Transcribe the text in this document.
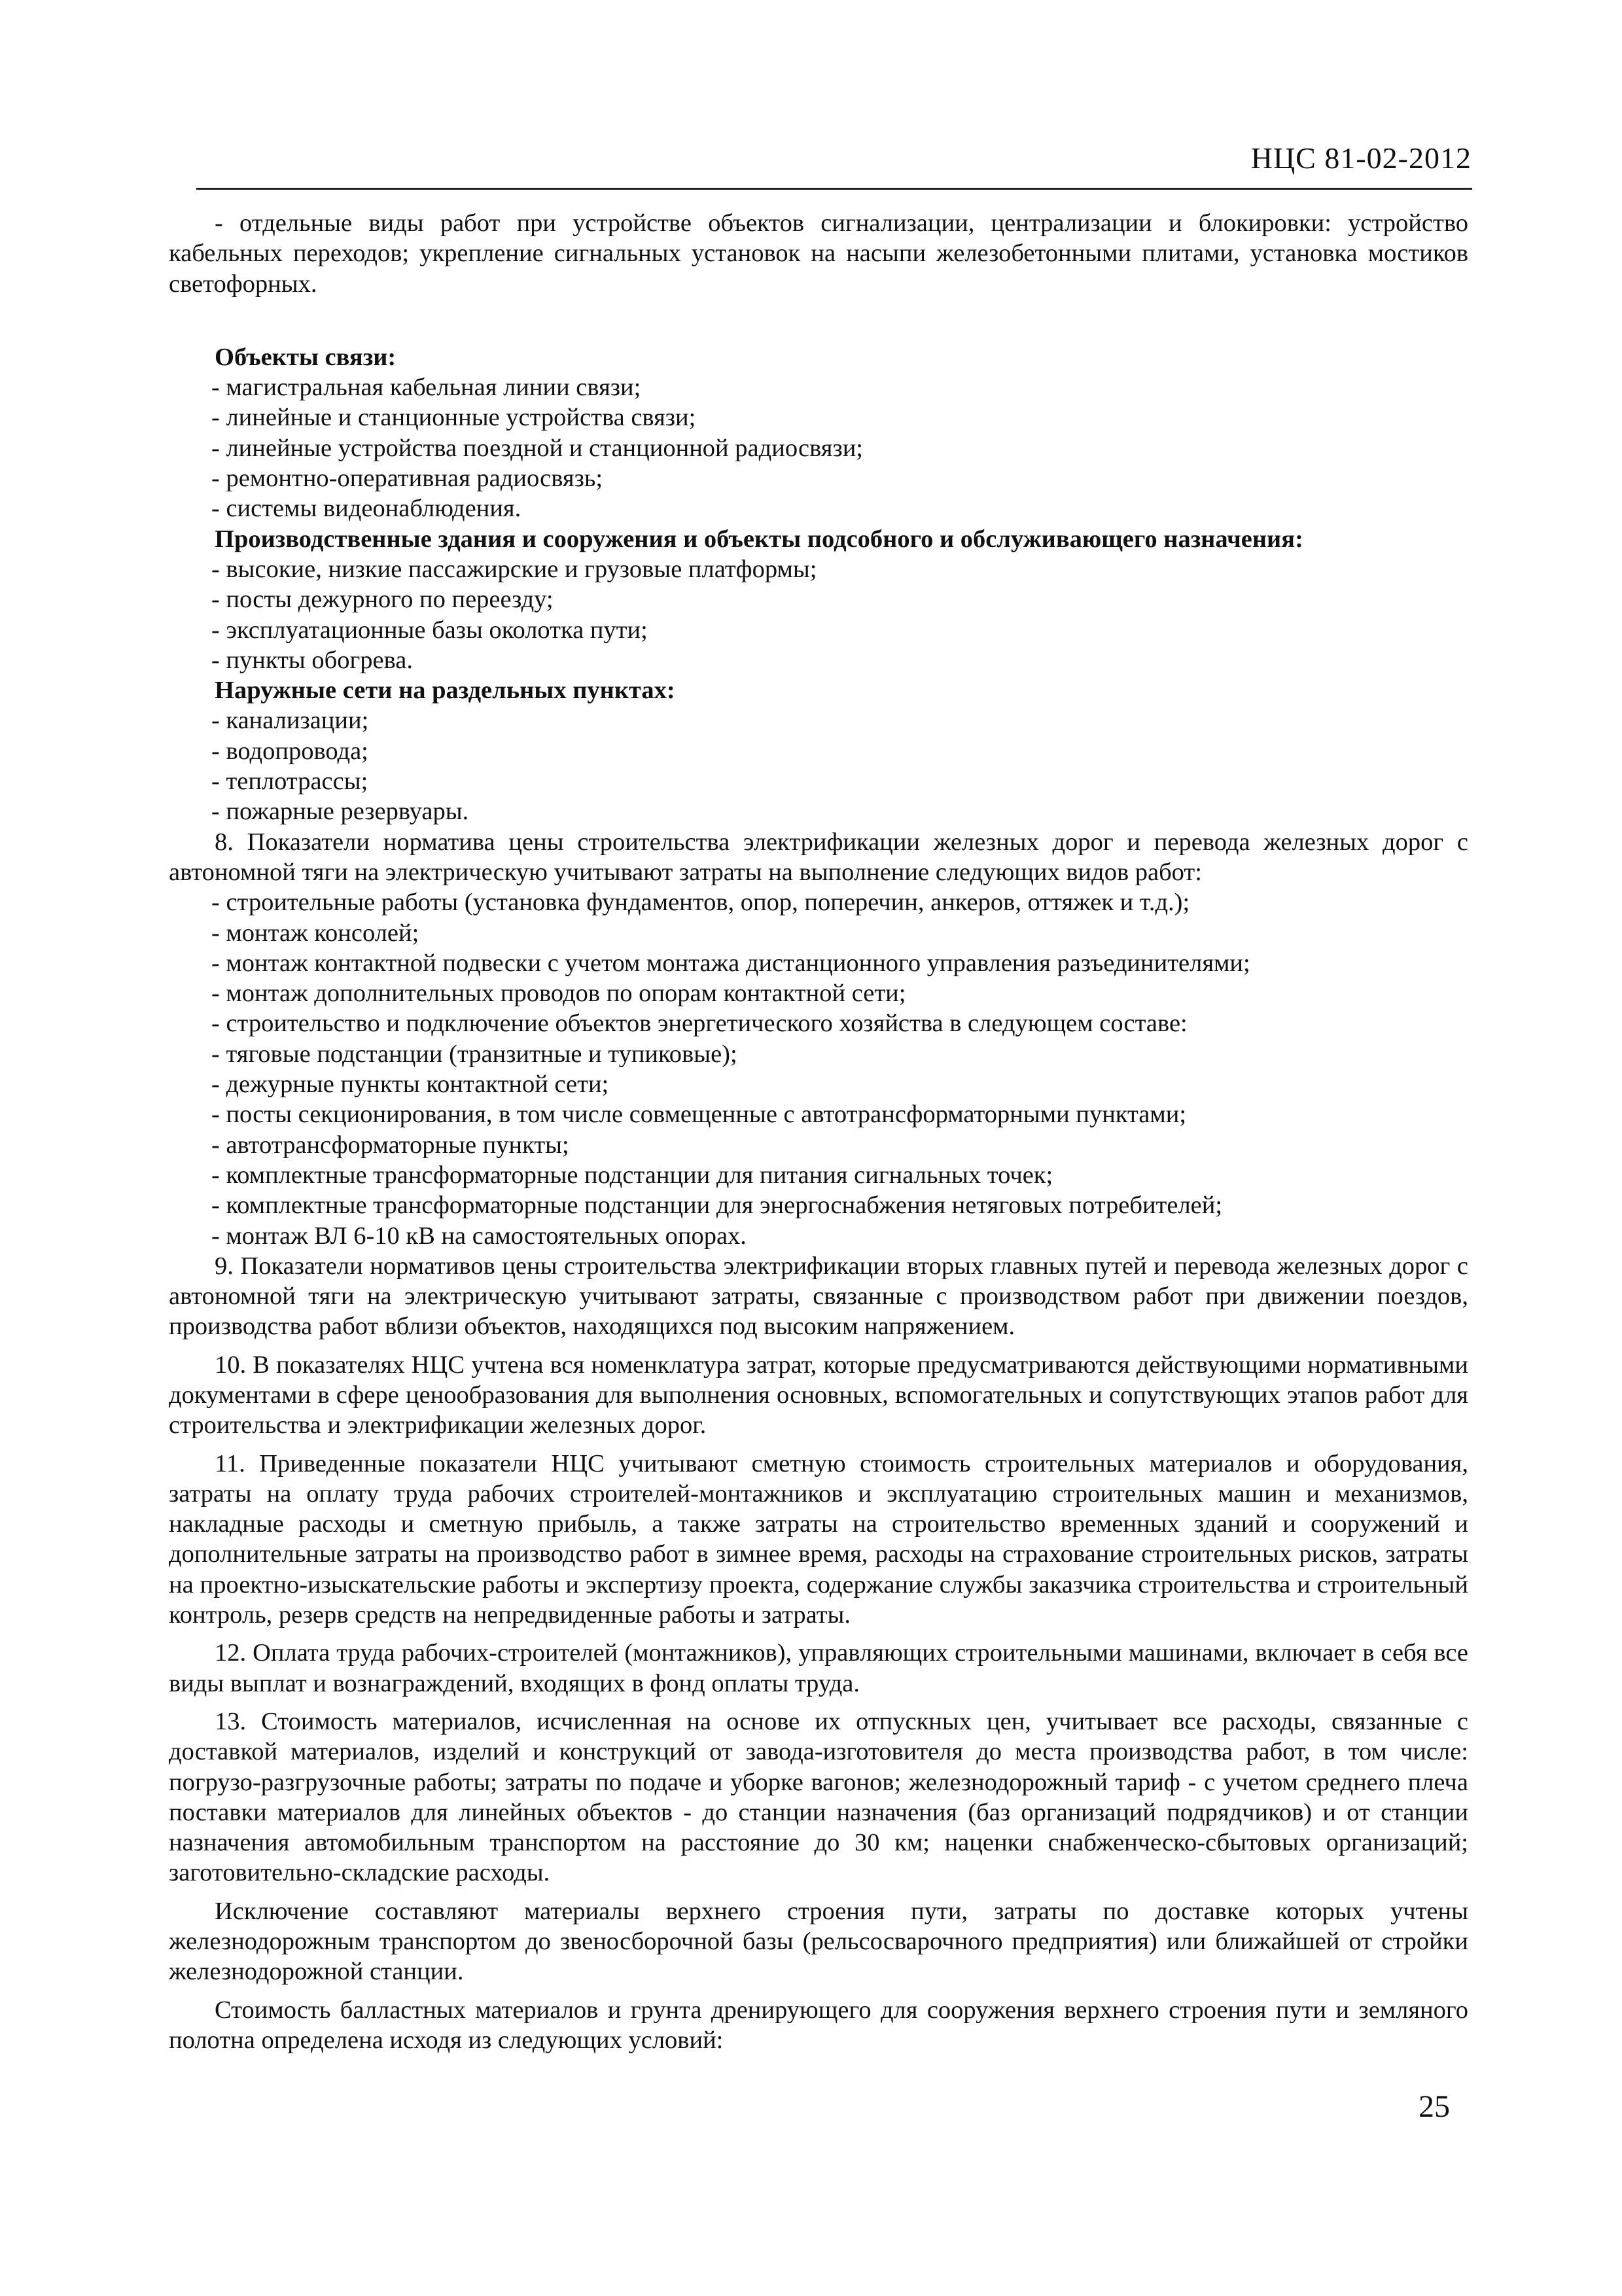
НЦС 81-02-2012

- отдельные виды работ при устройстве объектов сигнализации, централизации и блокировки: устройство кабельных переходов; укрепление сигнальных установок на насыпи железобетонными плитами, установка мостиков светофорных.

Объекты связи:

- магистральная кабельная линии связи;

- линейные и станционные устройства связи;

- линейные устройства поездной и станционной радиосвязи;

- ремонтно-оперативная радиосвязь;

- системы видеонаблюдения.

Производственные здания и сооружения и объекты подсобного и обслуживающего назначения:

- высокие, низкие пассажирские и грузовые платформы;

- посты дежурного по переезду;

- эксплуатационные базы околотка пути;

- пункты обогрева.

Наружные сети на раздельных пунктах:

- канализации;

- водопровода;

- теплотрассы;

- пожарные резервуары.

8. Показатели норматива цены строительства электрификации железных дорог и перевода железных дорог с автономной тяги на электрическую учитывают затраты на выполнение следующих видов работ:

- строительные работы (установка фундаментов, опор, поперечин, анкеров, оттяжек и т.д.);

- монтаж консолей;

- монтаж контактной подвески с учетом монтажа дистанционного управления разъединителями;

- монтаж дополнительных проводов по опорам контактной сети;

- строительство и подключение объектов энергетического хозяйства в следующем составе:

- тяговые подстанции (транзитные и тупиковые);

- дежурные пункты контактной сети;

- посты секционирования, в том числе совмещенные с автотрансформаторными пунктами;

- автотрансформаторные пункты;

- комплектные трансформаторные подстанции для питания сигнальных точек;

- комплектные трансформаторные подстанции для энергоснабжения нетяговых потребителей;

- монтаж ВЛ 6-10 кВ на самостоятельных опорах.

9. Показатели нормативов цены строительства электрификации вторых главных путей и перевода железных дорог с автономной тяги на электрическую учитывают затраты, связанные с производством работ при движении поездов, производства работ вблизи объектов, находящихся под высоким напряжением.

10. В показателях НЦС учтена вся номенклатура затрат, которые предусматриваются действующими нормативными документами в сфере ценообразования для выполнения основных, вспомогательных и сопутствующих этапов работ для строительства и электрификации железных дорог.

11. Приведенные показатели НЦС учитывают сметную стоимость строительных материалов и оборудования, затраты на оплату труда рабочих строителей-монтажников и эксплуатацию строительных машин и механизмов, накладные расходы и сметную прибыль, а также затраты на строительство временных зданий и сооружений и дополнительные затраты на производство работ в зимнее время, расходы на страхование строительных рисков, затраты на проектно-изыскательские работы и экспертизу проекта, содержание службы заказчика строительства и строительный контроль, резерв средств на непредвиденные работы и затраты.

12. Оплата труда рабочих-строителей (монтажников), управляющих строительными машинами, включает в себя все виды выплат и вознаграждений, входящих в фонд оплаты труда.

13. Стоимость материалов, исчисленная на основе их отпускных цен, учитывает все расходы, связанные с доставкой материалов, изделий и конструкций от завода-изготовителя до места производства работ, в том числе: погрузо-разгрузочные работы; затраты по подаче и уборке вагонов; железнодорожный тариф - с учетом среднего плеча поставки материалов для линейных объектов - до станции назначения (баз организаций подрядчиков) и от станции назначения автомобильным транспортом на расстояние до 30 км; наценки снабженческо-сбытовых организаций; заготовительно-складские расходы.

Исключение составляют материалы верхнего строения пути, затраты по доставке которых учтены железнодорожным транспортом до звеносборочной базы (рельсосварочного предприятия) или ближайшей от стройки железнодорожной станции.

Стоимость балластных материалов и грунта дренирующего для сооружения верхнего строения пути и земляного полотна определена исходя из следующих условий:

25
